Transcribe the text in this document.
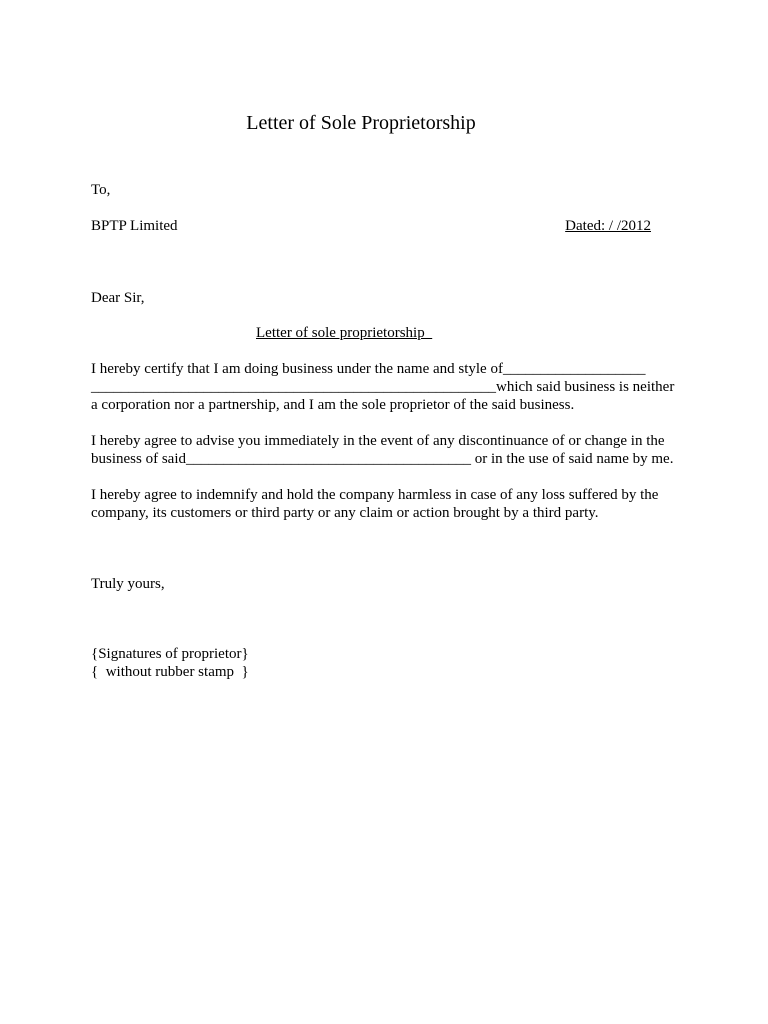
Letter of Sole Proprietorship
To,
BPTP Limited	Dated: / /2012
Dear Sir,
Letter of sole proprietorship
I hereby certify that I am doing business under the name and style of___________________
______________________________________________________which said business is neither
a corporation nor a partnership, and I am the sole proprietor of the said business.
I hereby agree to advise you immediately in the event of any discontinuance of or change in the
business of said______________________________________ or in the use of said name by me.
I hereby agree to indemnify and hold the company harmless in case of any loss suffered by the
company, its customers or third party or any claim or action brought by a third party.
Truly yours,
{Signatures of proprietor}
{  without rubber stamp  }
